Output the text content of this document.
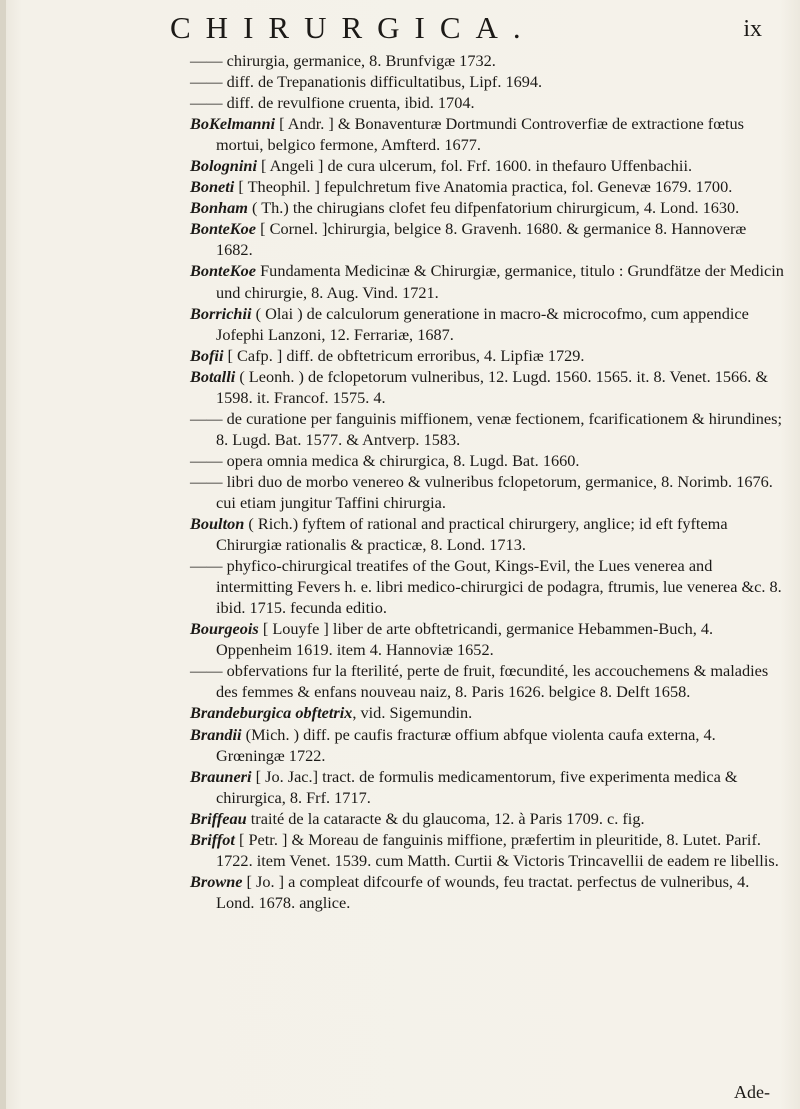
CHIRURGICA.	ix

—— chirurgia, germanice, 8. Brunfvigæ 1732.

—— diff. de Trepanationis difficultatibus, Lipf. 1694.

—— diff. de revulfione cruenta, ibid. 1704.

BoKelmanni [ Andr. ] & Bonaventuræ Dortmundi Controverfiæ de extractione fœtus mortui, belgico fermone, Amfterd. 1677.

Bolognini [ Angeli ] de cura ulcerum, fol. Frf. 1600. in thefauro Uffenbachii.

Boneti [ Theophil. ] fepulchretum five Anatomia practica, fol. Genevæ 1679. 1700.

Bonham ( Th.) the chirugians clofet feu difpenfatorium chirurgicum, 4. Lond. 1630.

BonteKoe [ Cornel. ]chirurgia, belgice 8. Gravenh. 1680. & germanice 8. Hannoveræ 1682.

BonteKoe Fundamenta Medicinæ & Chirurgiæ, germanice, titulo : Grundfätze der Medicin und chirurgie, 8. Aug. Vind. 1721.

Borrichii ( Olai ) de calculorum generatione in macro-& microcofmo, cum appendice Jofephi Lanzoni, 12. Ferrariæ, 1687.

Bofii [ Cafp. ] diff. de obftetricum erroribus, 4. Lipfiæ 1729.

Botalli ( Leonh. ) de fclopetorum vulneribus, 12. Lugd. 1560. 1565. it. 8. Venet. 1566. & 1598. it. Francof. 1575. 4.

—— de curatione per fanguinis miffionem, venæ fectionem, fcarificationem & hirundines; 8. Lugd. Bat. 1577. & Antverp. 1583.

—— opera omnia medica & chirurgica, 8. Lugd. Bat. 1660.

—— libri duo de morbo venereo & vulneribus fclopetorum, germanice, 8. Norimb. 1676. cui etiam jungitur Taffini chirurgia.

Boulton ( Rich.) fyftem of rational and practical chirurgery, anglice; id eft fyftema Chirurgiæ rationalis & practicæ, 8. Lond. 1713.

—— phyfico-chirurgical treatifes of the Gout, Kings-Evil, the Lues venerea and intermitting Fevers h. e. libri medico-chirurgici de podagra, ftrumis, lue venerea &c. 8. ibid. 1715. fecunda editio.

Bourgeois [ Louyfe ] liber de arte obftetricandi, germanice Hebammen-Buch, 4. Oppenheim 1619. item 4. Hannoviæ 1652.

—— obfervations fur la fterilité, perte de fruit, fœcundité, les accouchemens & maladies des femmes & enfans nouveau naiz, 8. Paris 1626. belgice 8. Delft 1658.

Brandeburgica obftetrix, vid. Sigemundin.

Brandii (Mich. ) diff. pe caufis fracturæ offium abfque violenta caufa externa, 4. Grœningæ 1722.

Brauneri [ Jo. Jac.] tract. de formulis medicamentorum, five experimenta medica & chirurgica, 8. Frf. 1717.

Briffeau traité de la cataracte & du glaucoma, 12. à Paris 1709. c. fig.

Briffot [ Petr. ] & Moreau de fanguinis miffione, præfertim in pleuritide, 8. Lutet. Parif. 1722. item Venet. 1539. cum Matth. Curtii & Victoris Trincavellii de eadem re libellis.

Browne [ Jo. ] a compleat difcourfe of wounds, feu tractat. perfectus de vulneribus, 4. Lond. 1678. anglice.

Ade-
